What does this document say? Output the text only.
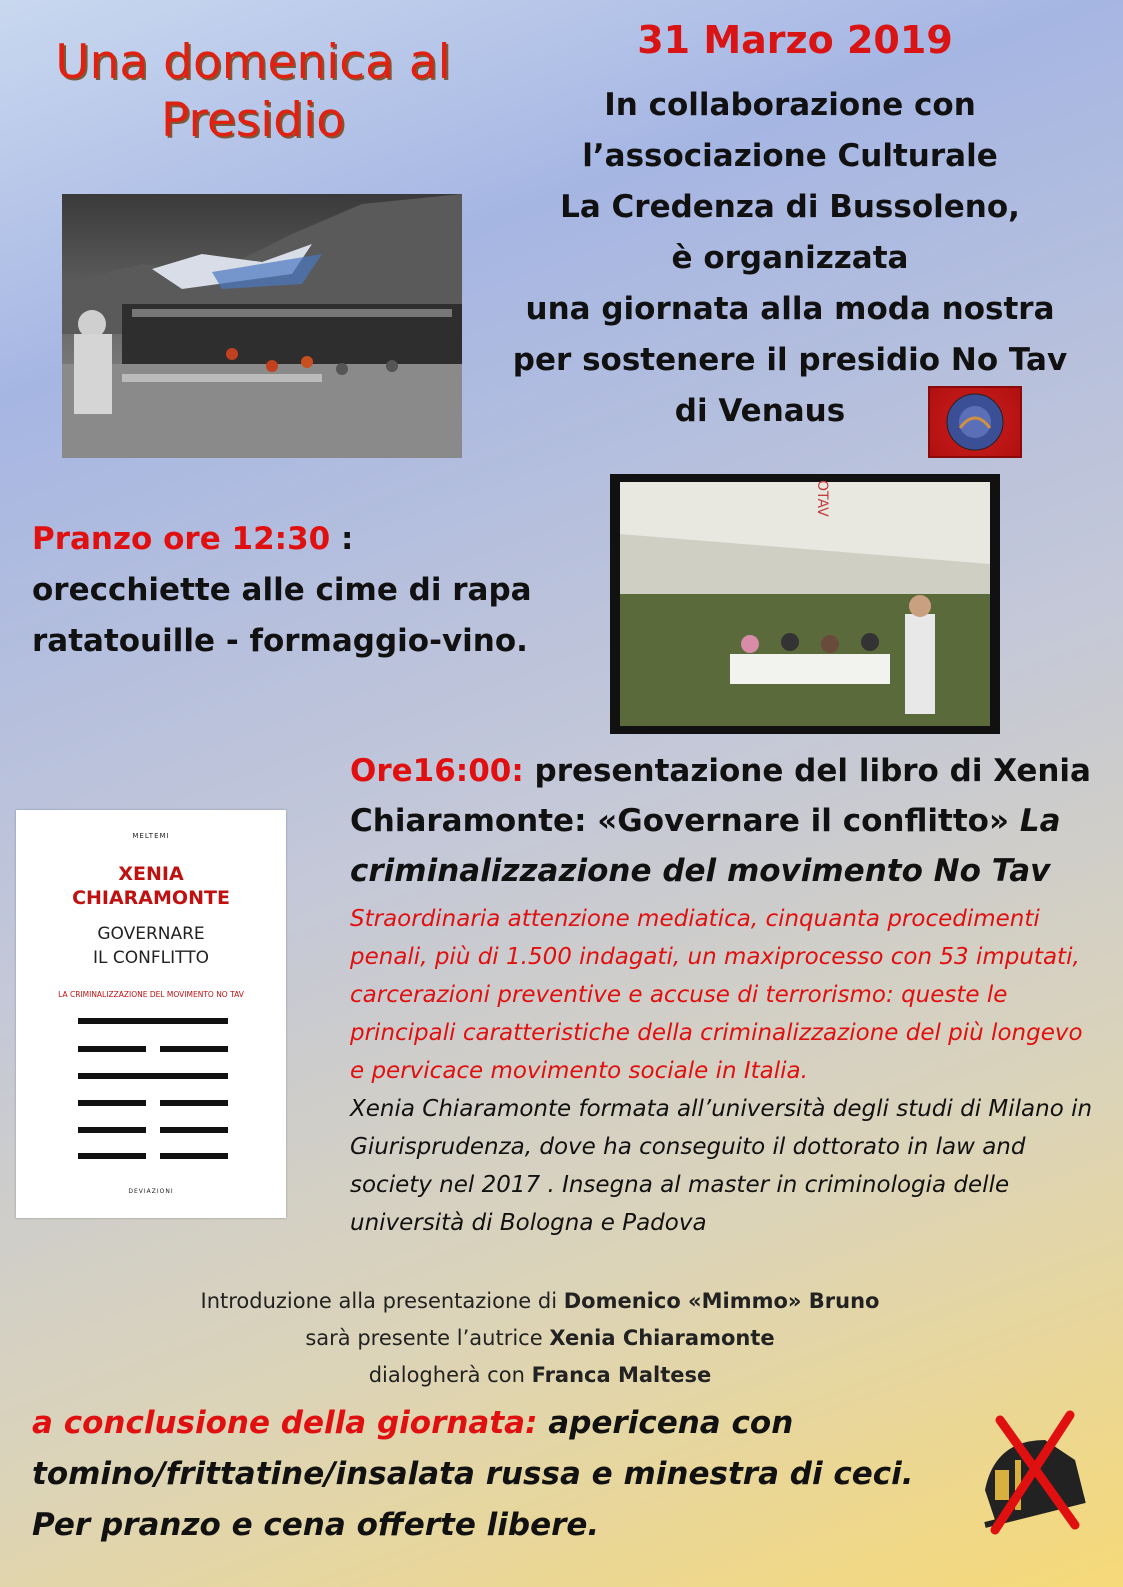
Una domenica al Presidio
31 Marzo 2019
In collaborazione con
l’associazione Culturale
La Credenza di Bussoleno,
è organizzata
una giornata alla moda nostra
per sostenere il presidio No Tav
di Venaus
Pranzo ore 12:30 :
orecchiette alle cime di rapa
ratatouille - formaggio-vino.
OTAV
Ore16:00: presentazione del libro di Xenia Chiaramonte: «Governare il conflitto» La criminalizzazione del movimento No Tav
Straordinaria attenzione mediatica, cinquanta procedimenti penali, più di 1.500 indagati, un maxiprocesso con 53 imputati, carcerazioni preventive e accuse di terrorismo: queste le principali caratteristiche della criminalizzazione del più longevo e pervicace movimento sociale in Italia.
Xenia Chiaramonte formata all’università degli studi di Milano in Giurisprudenza, dove ha conseguito il dottorato in law and society nel 2017 . Insegna al master in criminologia delle università di Bologna e Padova
MELTEMI
XENIA
CHIARAMONTE
GOVERNARE
IL CONFLITTO
LA CRIMINALIZZAZIONE DEL MOVIMENTO NO TAV
DEVIAZIONI
Introduzione alla presentazione di Domenico «Mimmo» Bruno
sarà presente l’autrice Xenia Chiaramonte
dialogherà con Franca Maltese
a conclusione della giornata: apericena con
tomino/frittatine/insalata russa e minestra di ceci.
Per pranzo e cena offerte libere.
